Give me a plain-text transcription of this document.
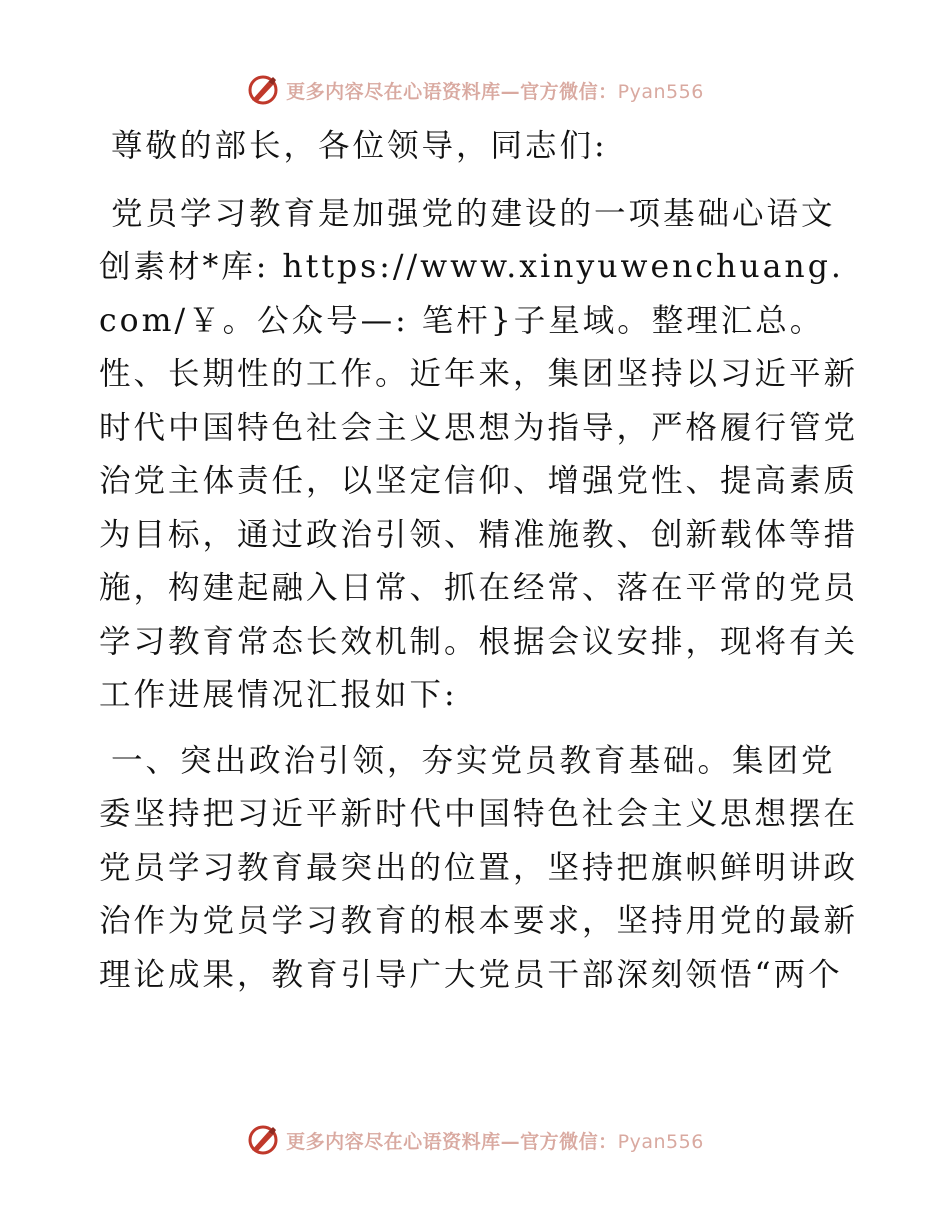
更多内容尽在心语资料库—官方微信：Pyan556

尊敬的部长，各位领导，同志们:

党员学习教育是加强党的建设的一项基础心语文创素材*库: https://www.xinyuwenchuang.com/￥。公众号—: 笔杆}子星域。整理汇总。性、长期性的工作。近年来，集团坚持以习近平新时代中国特色社会主义思想为指导，严格履行管党治党主体责任，以坚定信仰、增强党性、提高素质为目标，通过政治引领、精准施教、创新载体等措施，构建起融入日常、抓在经常、落在平常的党员学习教育常态长效机制。根据会议安排，现将有关工作进展情况汇报如下:

一、突出政治引领，夯实党员教育基础。集团党委坚持把习近平新时代中国特色社会主义思想摆在党员学习教育最突出的位置，坚持把旗帜鲜明讲政治作为党员学习教育的根本要求，坚持用党的最新理论成果，教育引导广大党员干部深刻领悟“两个

更多内容尽在心语资料库—官方微信：Pyan556
